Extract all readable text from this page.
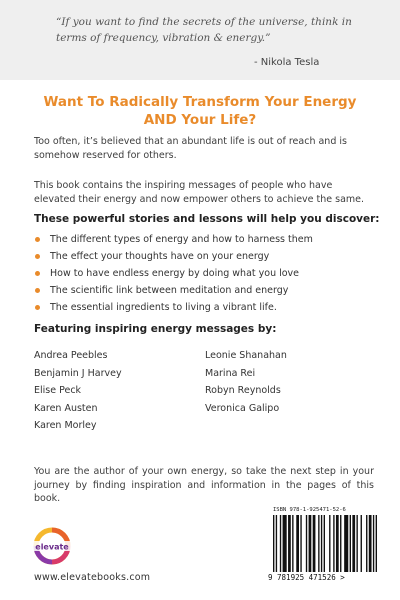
“If you want to find the secrets of the universe, think in terms of frequency, vibration & energy.”
- Nikola Tesla
Want To Radically Transform Your Energy
AND Your Life?
Too often, it’s believed that an abundant life is out of reach and is somehow reserved for others.
This book contains the inspiring messages of people who have elevated their energy and now empower others to achieve the same.
These powerful stories and lessons will help you discover:
The different types of energy and how to harness them
The effect your thoughts have on your energy
How to have endless energy by doing what you love
The scientific link between meditation and energy
The essential ingredients to living a vibrant life.
Featuring inspiring energy messages by:
Andrea Peebles
Benjamin J Harvey
Elise Peck
Karen Austen
Karen Morley
Leonie Shanahan
Marina Rei
Robyn Reynolds
Veronica Galipo
You are the author of your own energy, so take the next step in your journey by finding inspiration and information in the pages of this book.
elevate
www.elevatebooks.com
ISBN 978-1-925471-52-6
9 781925 471526 >
